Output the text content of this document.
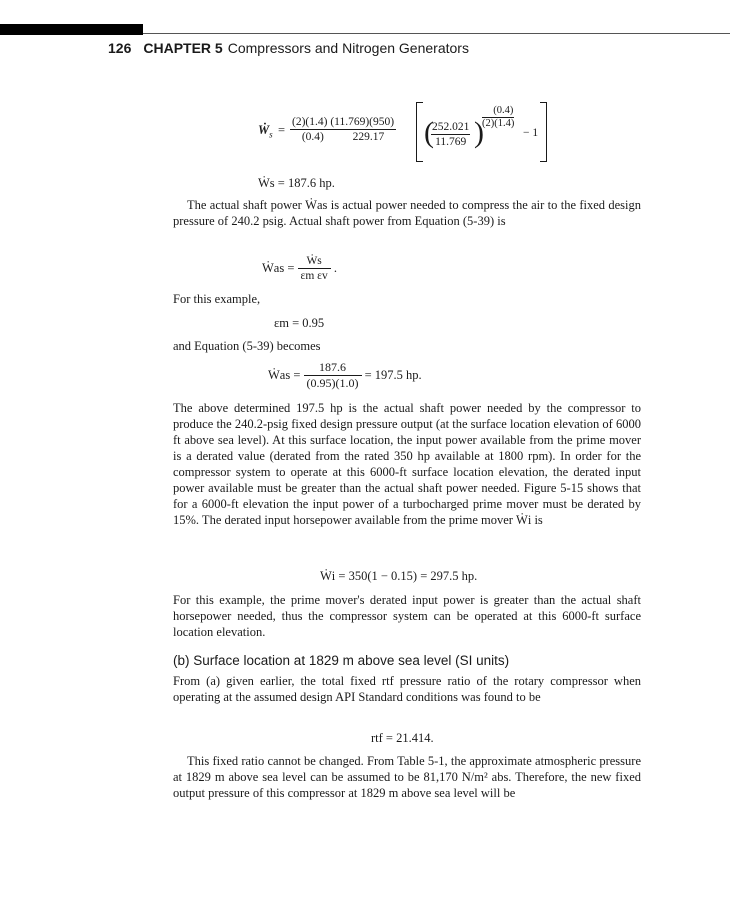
126 CHAPTER 5 Compressors and Nitrogen Generators
Ẇ$_s$ = $\frac{(2)(1.4) (11.769)(950)}{(0.4) 229.17}$ (
$\frac{252.021}{11.769}$ )
$\frac{(0.4)}{(2)(1.4)}$
− 1
Ẇs = 187.6 hp.

The actual shaft power Ẇas is actual power needed to compress the air to the fixed design pressure of 240.2 psig. Actual shaft power from Equation (5-39) is

Ẇas = $\frac{\text{Ẇs}}{\text{εm εv}}$ .

For this example,

εm = 0.95

and Equation (5-39) becomes

Ẇas = $\frac{187.6}{(0.95)(1.0)} = 197.5$ hp.

The above determined 197.5 hp is the actual shaft power needed by the compressor to produce the 240.2-psig fixed design pressure output (at the surface location elevation of 6000 ft above sea level). At this surface location, the input power available from the prime mover is a derated value (derated from the rated 350 hp available at 1800 rpm). In order for the compressor system to operate at this 6000-ft surface location elevation, the derated input power available must be greater than the actual shaft power needed. Figure 5-15 shows that for a 6000-ft elevation the input power of a turbocharged prime mover must be derated by 15%. The derated input horsepower available from the prime mover Ẇi is

Ẇi = 350(1 − 0.15) = 297.5 hp.

For this example, the prime mover's derated input power is greater than the actual shaft horsepower needed, thus the compressor system can be operated at this 6000-ft surface location elevation.

(b) Surface location at 1829 m above sea level (SI units)

From (a) given earlier, the total fixed rtf pressure ratio of the rotary compressor when operating at the assumed design API Standard conditions was found to be

rtf = 21.414.

This fixed ratio cannot be changed. From Table 5-1, the approximate atmospheric pressure at 1829 m above sea level can be assumed to be 81,170 N/m² abs. Therefore, the new fixed output pressure of this compressor at 1829 m above sea level will be
